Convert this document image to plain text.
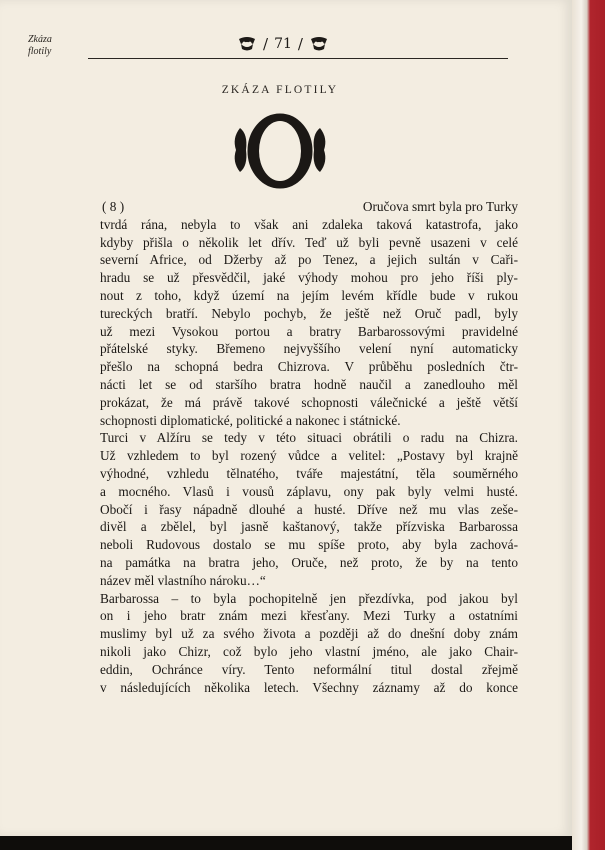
Zkáza
flotily	/ 71 /
ZKÁZA FLOTILY
( 8 )	Oručova smrt byla pro Turky
tvrdá rána, nebyla to však ani zdaleka taková katastrofa, jako
kdyby přišla o několik let dřív. Teď už byli pevně usazeni v celé
severní Africe, od Džerby až po Tenez, a jejich sultán v Caři-
hradu se už přesvědčil, jaké výhody mohou pro jeho říši ply-
nout z toho, když území na jejím levém křídle bude v rukou
tureckých bratří. Nebylo pochyb, že ještě než Oruč padl, byly
už mezi Vysokou portou a bratry Barbarossovými pravidelné
přátelské styky. Břemeno nejvyššího velení nyní automaticky
přešlo na schopná bedra Chizrova. V průběhu posledních čtr-
nácti let se od staršího bratra hodně naučil a zanedlouho měl
prokázat, že má právě takové schopnosti válečnické a ještě větší
schopnosti diplomatické, politické a nakonec i státnické.
Turci v Alžíru se tedy v této situaci obrátili o radu na Chizra.
Už vzhledem to byl rozený vůdce a velitel: „Postavy byl krajně
výhodné, vzhledu tělnatého, tváře majestátní, těla souměrného
a mocného. Vlasů i vousů záplavu, ony pak byly velmi husté.
Obočí i řasy nápadně dlouhé a husté. Dříve než mu vlas zeše-
divěl a zbělel, byl jasně kaštanový, takže přízviska Barbarossa
neboli Rudovous dostalo se mu spíše proto, aby byla zachová-
na památka na bratra jeho, Oruče, než proto, že by na tento
název měl vlastního nároku…“
Barbarossa – to byla pochopitelně jen přezdívka, pod jakou byl
on i jeho bratr znám mezi křesťany. Mezi Turky a ostatními
muslimy byl už za svého života a později až do dnešní doby znám
nikoli jako Chizr, což bylo jeho vlastní jméno, ale jako Chair-
eddin, Ochránce víry. Tento neformální titul dostal zřejmě
v následujících několika letech. Všechny záznamy až do konce
